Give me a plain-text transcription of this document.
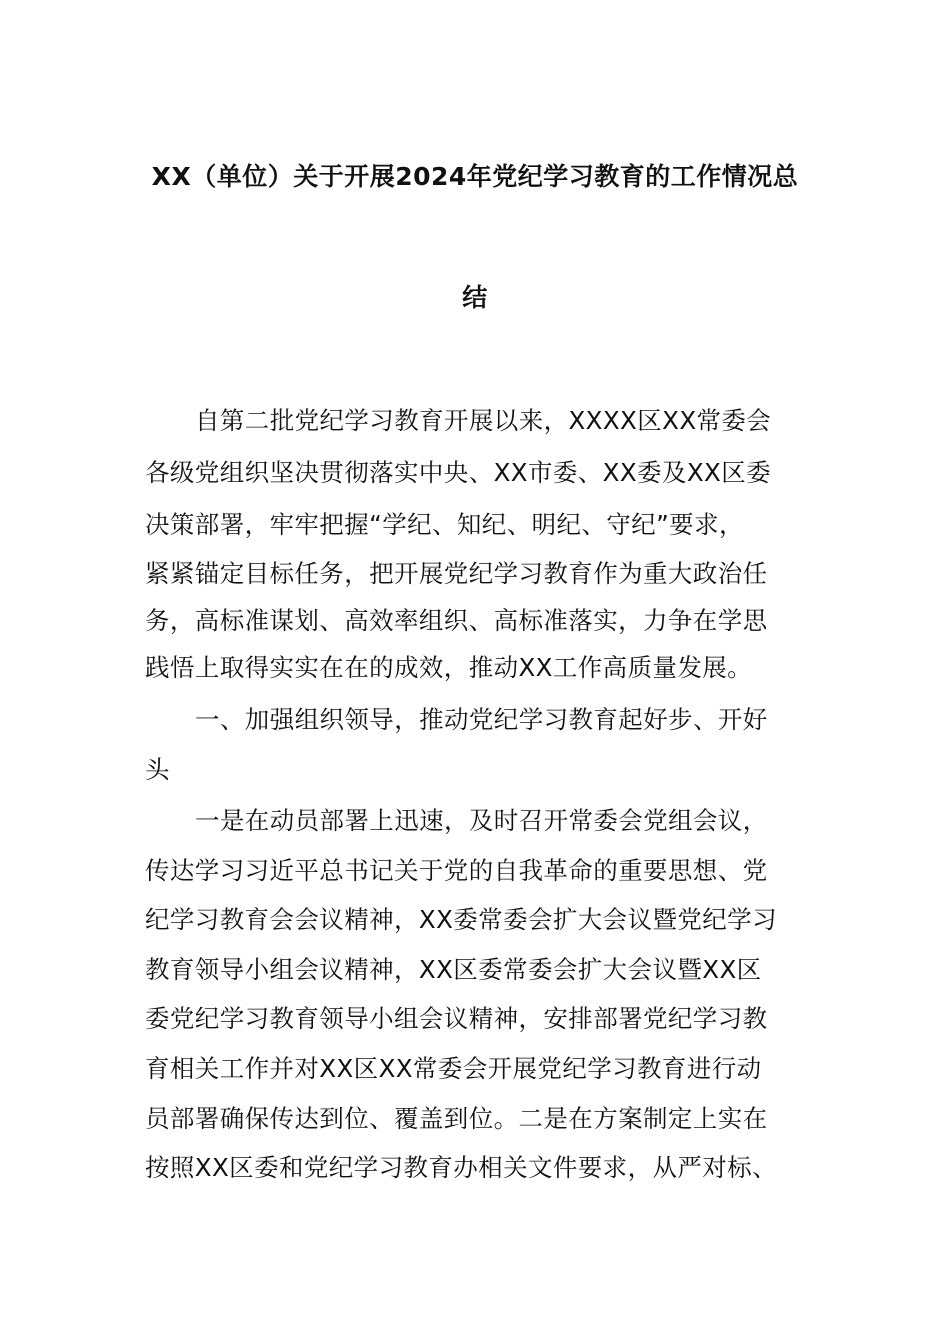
XX（单位）关于开展2024年党纪学习教育的工作情况总
结
自第二批党纪学习教育开展以来，XXXX区XX常委会
各级党组织坚决贯彻落实中央、XX市委、XX委及XX区委
决策部署，牢牢把握“学纪、知纪、明纪、守纪”要求，
紧紧锚定目标任务，把开展党纪学习教育作为重大政治任
务，高标准谋划、高效率组织、高标准落实，力争在学思
践悟上取得实实在在的成效，推动XX工作高质量发展。
一、加强组织领导，推动党纪学习教育起好步、开好
头
一是在动员部署上迅速，及时召开常委会党组会议，
传达学习习近平总书记关于党的自我革命的重要思想、党
纪学习教育会会议精神，XX委常委会扩大会议暨党纪学习
教育领导小组会议精神，XX区委常委会扩大会议暨XX区
委党纪学习教育领导小组会议精神，安排部署党纪学习教
育相关工作并对XX区XX常委会开展党纪学习教育进行动
员部署确保传达到位、覆盖到位。二是在方案制定上实在
按照XX区委和党纪学习教育办相关文件要求，从严对标、
